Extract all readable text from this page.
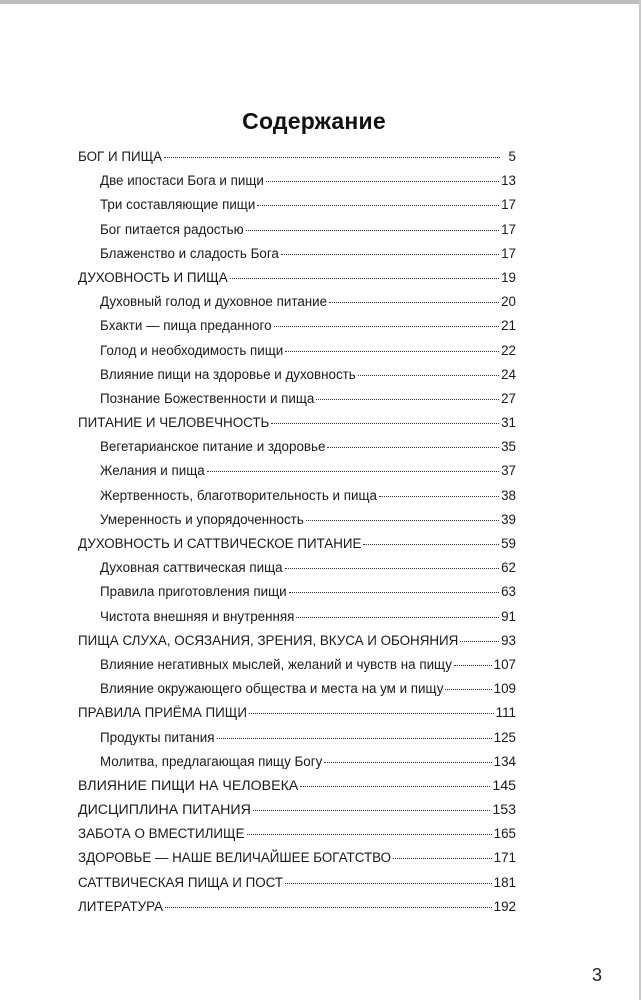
Содержание
БОГ И ПИЩА	5
Две ипостаси Бога и пищи	13
Три составляющие пищи	17
Бог питается радостью	17
Блаженство и сладость Бога	17
ДУХОВНОСТЬ И ПИЩА	19
Духовный голод и духовное питание	20
Бхакти — пища преданного	21
Голод и необходимость пищи	22
Влияние пищи на здоровье и духовность	24
Познание Божественности и пища	27
ПИТАНИЕ И ЧЕЛОВЕЧНОСТЬ	31
Вегетарианское питание и здоровье	35
Желания и пища	37
Жертвенность, благотворительность и пища	38
Умеренность и упорядоченность	39
ДУХОВНОСТЬ И САТТВИЧЕСКОЕ ПИТАНИЕ	59
Духовная саттвическая пища	62
Правила приготовления пищи	63
Чистота внешняя и внутренняя	91
ПИЩА СЛУХА, ОСЯЗАНИЯ, ЗРЕНИЯ, ВКУСА И ОБОНЯНИЯ	93
Влияние негативных мыслей, желаний и чувств на пищу	107
Влияние окружающего общества и места на ум и пищу	109
ПРАВИЛА ПРИЁМА ПИЩИ	111
Продукты питания	125
Молитва, предлагающая пищу Богу	134
ВЛИЯНИЕ ПИЩИ НА ЧЕЛОВЕКА	145
ДИСЦИПЛИНА ПИТАНИЯ	153
ЗАБОТА О ВМЕСТИЛИЩЕ	165
ЗДОРОВЬЕ — НАШЕ ВЕЛИЧАЙШЕЕ БОГАТСТВО	171
САТТВИЧЕСКАЯ ПИЩА И ПОСТ	181
ЛИТЕРАТУРА	192
3
